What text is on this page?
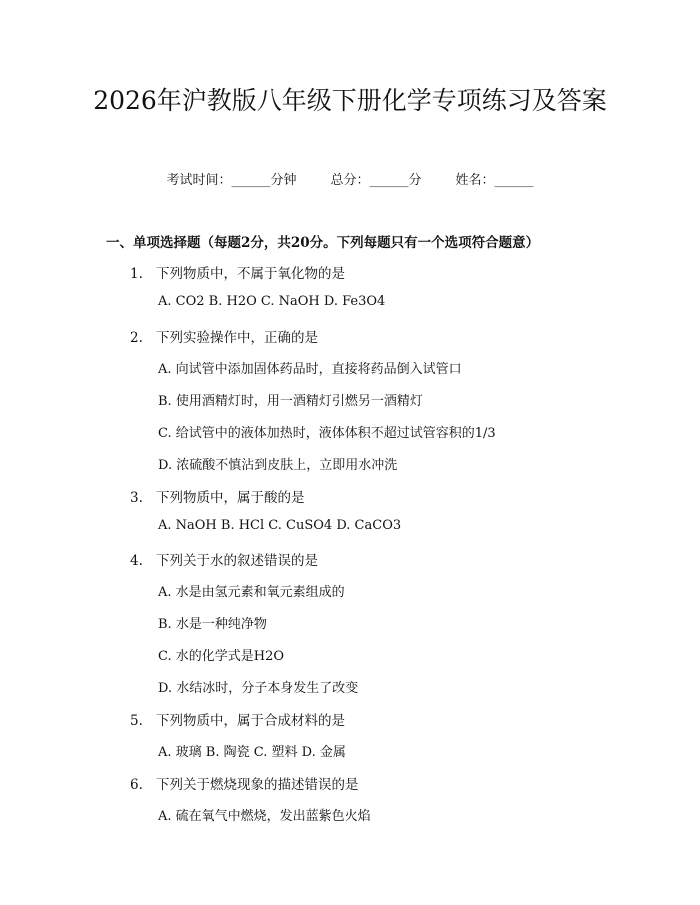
2026年沪教版八年级下册化学专项练习及答案
考试时间：______分钟	总分：______分	姓名：______
一、单项选择题（每题2分，共20分。下列每题只有一个选项符合题意）
1. 下列物质中，不属于氧化物的是
A. CO2 B. H2O C. NaOH D. Fe3O4
2. 下列实验操作中，正确的是
A. 向试管中添加固体药品时，直接将药品倒入试管口
B. 使用酒精灯时，用一酒精灯引燃另一酒精灯
C. 给试管中的液体加热时，液体体积不超过试管容积的1/3
D. 浓硫酸不慎沾到皮肤上，立即用水冲洗
3. 下列物质中，属于酸的是
A. NaOH B. HCl C. CuSO4 D. CaCO3
4. 下列关于水的叙述错误的是
A. 水是由氢元素和氧元素组成的
B. 水是一种纯净物
C. 水的化学式是H2O
D. 水结冰时，分子本身发生了改变
5. 下列物质中，属于合成材料的是
A. 玻璃 B. 陶瓷 C. 塑料 D. 金属
6. 下列关于燃烧现象的描述错误的是
A. 硫在氧气中燃烧，发出蓝紫色火焰
